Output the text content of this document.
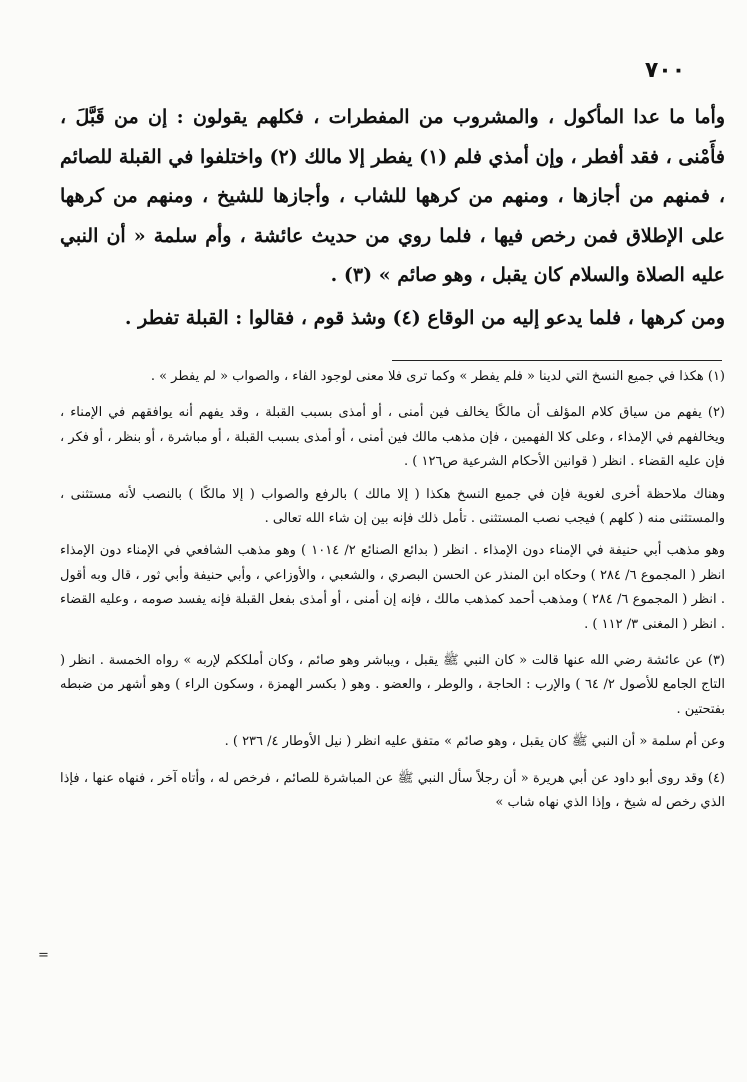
٧٠٠

وأما ما عدا المأكول ، والمشروب من المفطرات ، فكلهم يقولون : إن من قَبَّلَ ، فأَمْنى ، فقد أفطر ، وإن أمذي فلم (١) يفطر إلا مالك (٢) واختلفوا في القبلة للصائم ، فمنهم من أجازها ، ومنهم من كرهها للشاب ، وأجازها للشيخ ، ومنهم من كرهها على الإطلاق فمن رخص فيها ، فلما روي من حديث عائشة ، وأم سلمة « أن النبي عليه الصلاة والسلام كان يقبل ، وهو صائم » (٣) .

ومن كرهها ، فلما يدعو إليه من الوقاع (٤) وشذ قوم ، فقالوا : القبلة تفطر .

(١) هكذا في جميع النسخ التي لدينا « فلم يفطر » وكما ترى فلا معنى لوجود الفاء ، والصواب « لم يفطر » .

(٢) يفهم من سياق كلام المؤلف أن مالكًا يخالف فين أمنى ، أو أمذى بسبب القبلة ، وقد يفهم أنه يوافقهم في الإمناء ، ويخالفهم في الإمذاء ، وعلى كلا الفهمين ، فإن مذهب مالك فين أمنى ، أو أمذى بسبب القبلة ، أو مباشرة ، أو بنظر ، أو فكر ، فإن عليه القضاء . انظر ( قوانين الأحكام الشرعية ص١٢٦ ) .

وهناك ملاحظة أخرى لغوية فإن في جميع النسخ هكذا ( إلا مالك ) بالرفع والصواب ( إلا مالكًا ) بالنصب لأنه مستثنى ، والمستثنى منه ( كلهم ) فيجب نصب المستثنى . تأمل ذلك فإنه بين إن شاء الله تعالى .

وهو مذهب أبي حنيفة في الإمناء دون الإمذاء . انظر ( بدائع الصنائع ٢/ ١٠١٤ ) وهو مذهب الشافعي في الإمناء دون الإمذاء انظر ( المجموع ٦/ ٢٨٤ ) وحكاه ابن المنذر عن الحسن البصري ، والشعبي ، والأوزاعي ، وأبي حنيفة وأبي ثور ، قال وبه أقول . انظر ( المجموع ٦/ ٢٨٤ ) ومذهب أحمد كمذهب مالك ، فإنه إن أمنى ، أو أمذى بفعل القبلة فإنه يفسد صومه ، وعليه القضاء . انظر ( المغنى ٣/ ١١٢ ) .

(٣) عن عائشة رضي الله عنها قالت « كان النبي ﷺ يقبل ، ويباشر وهو صائم ، وكان أملككم لإربه » رواه الخمسة . انظر ( التاج الجامع للأصول ٢/ ٦٤ ) والإرب : الحاجة ، والوطر ، والعضو . وهو ( بكسر الهمزة ، وسكون الراء ) وهو أشهر من ضبطه بفتحتين .

وعن أم سلمة « أن النبي ﷺ كان يقبل ، وهو صائم » متفق عليه انظر ( نيل الأوطار ٤/ ٢٣٦ ) .

(٤) وقد روى أبو داود عن أبي هريرة « أن رجلاً سأل النبي ﷺ عن المباشرة للصائم ، فرخص له ، وأتاه آخر ، فنهاه عنها ، فإذا الذي رخص له شيخ ، وإذا الذي نهاه شاب »

=
